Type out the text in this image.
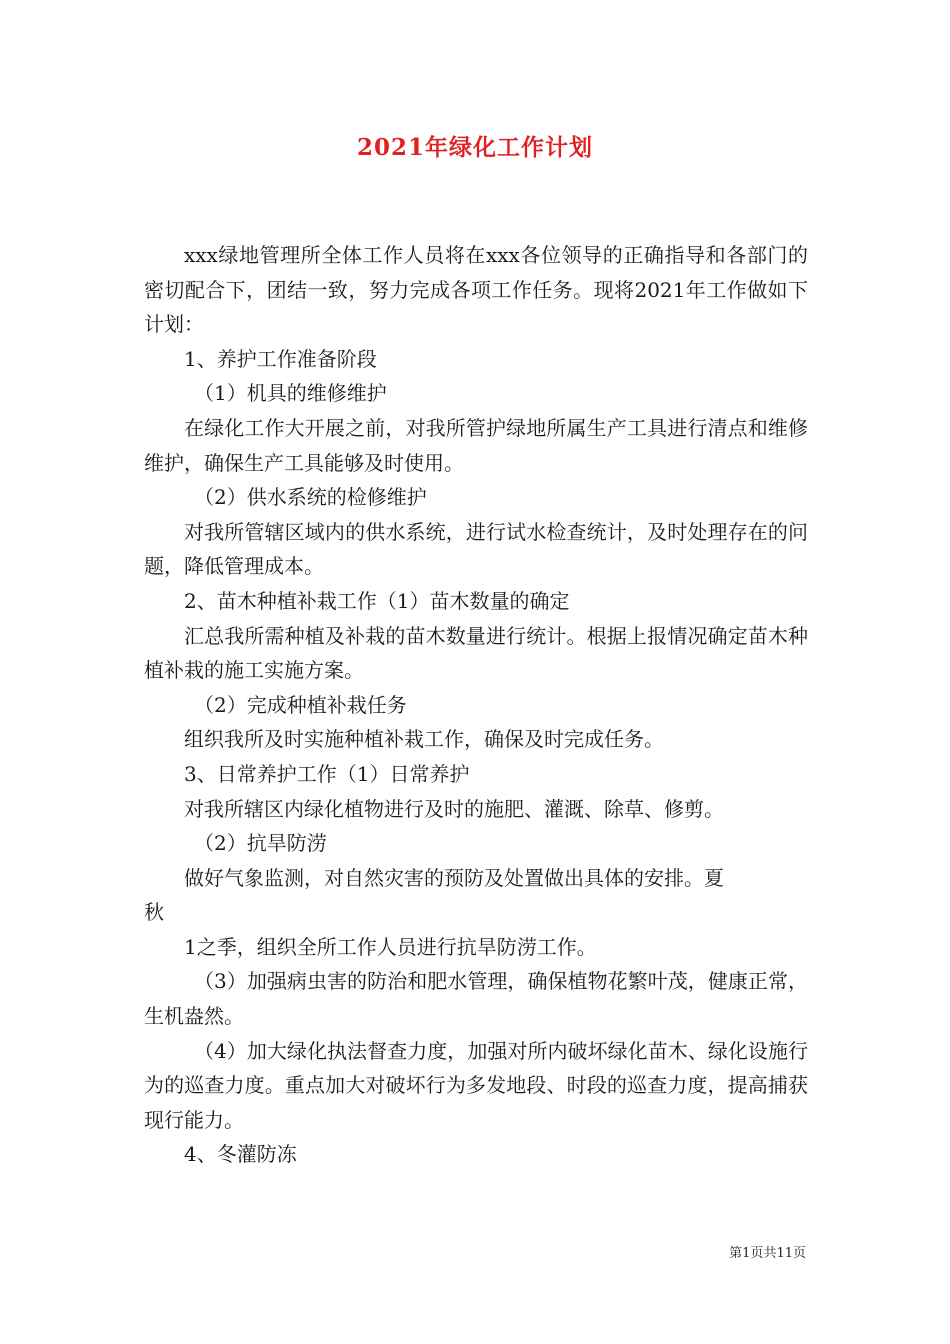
2021年绿化工作计划

xxx绿地管理所全体工作人员将在xxx各位领导的正确指导和各部门的密切配合下，团结一致，努力完成各项工作任务。现将2021年工作做如下计划：

1、养护工作准备阶段

（1）机具的维修维护

在绿化工作大开展之前，对我所管护绿地所属生产工具进行清点和维修维护，确保生产工具能够及时使用。

（2）供水系统的检修维护

对我所管辖区域内的供水系统，进行试水检查统计，及时处理存在的问题，降低管理成本。

2、苗木种植补栽工作（1）苗木数量的确定

汇总我所需种植及补栽的苗木数量进行统计。根据上报情况确定苗木种植补栽的施工实施方案。

（2）完成种植补栽任务

组织我所及时实施种植补栽工作，确保及时完成任务。

3、日常养护工作（1）日常养护

对我所辖区内绿化植物进行及时的施肥、灌溉、除草、修剪。

（2）抗旱防涝

做好气象监测，对自然灾害的预防及处置做出具体的安排。夏

秋

1之季，组织全所工作人员进行抗旱防涝工作。

（3）加强病虫害的防治和肥水管理，确保植物花繁叶茂，健康正常，生机盎然。

（4）加大绿化执法督查力度，加强对所内破坏绿化苗木、绿化设施行为的巡查力度。重点加大对破坏行为多发地段、时段的巡查力度，提高捕获现行能力。

4、冬灌防冻

第1页共11页
